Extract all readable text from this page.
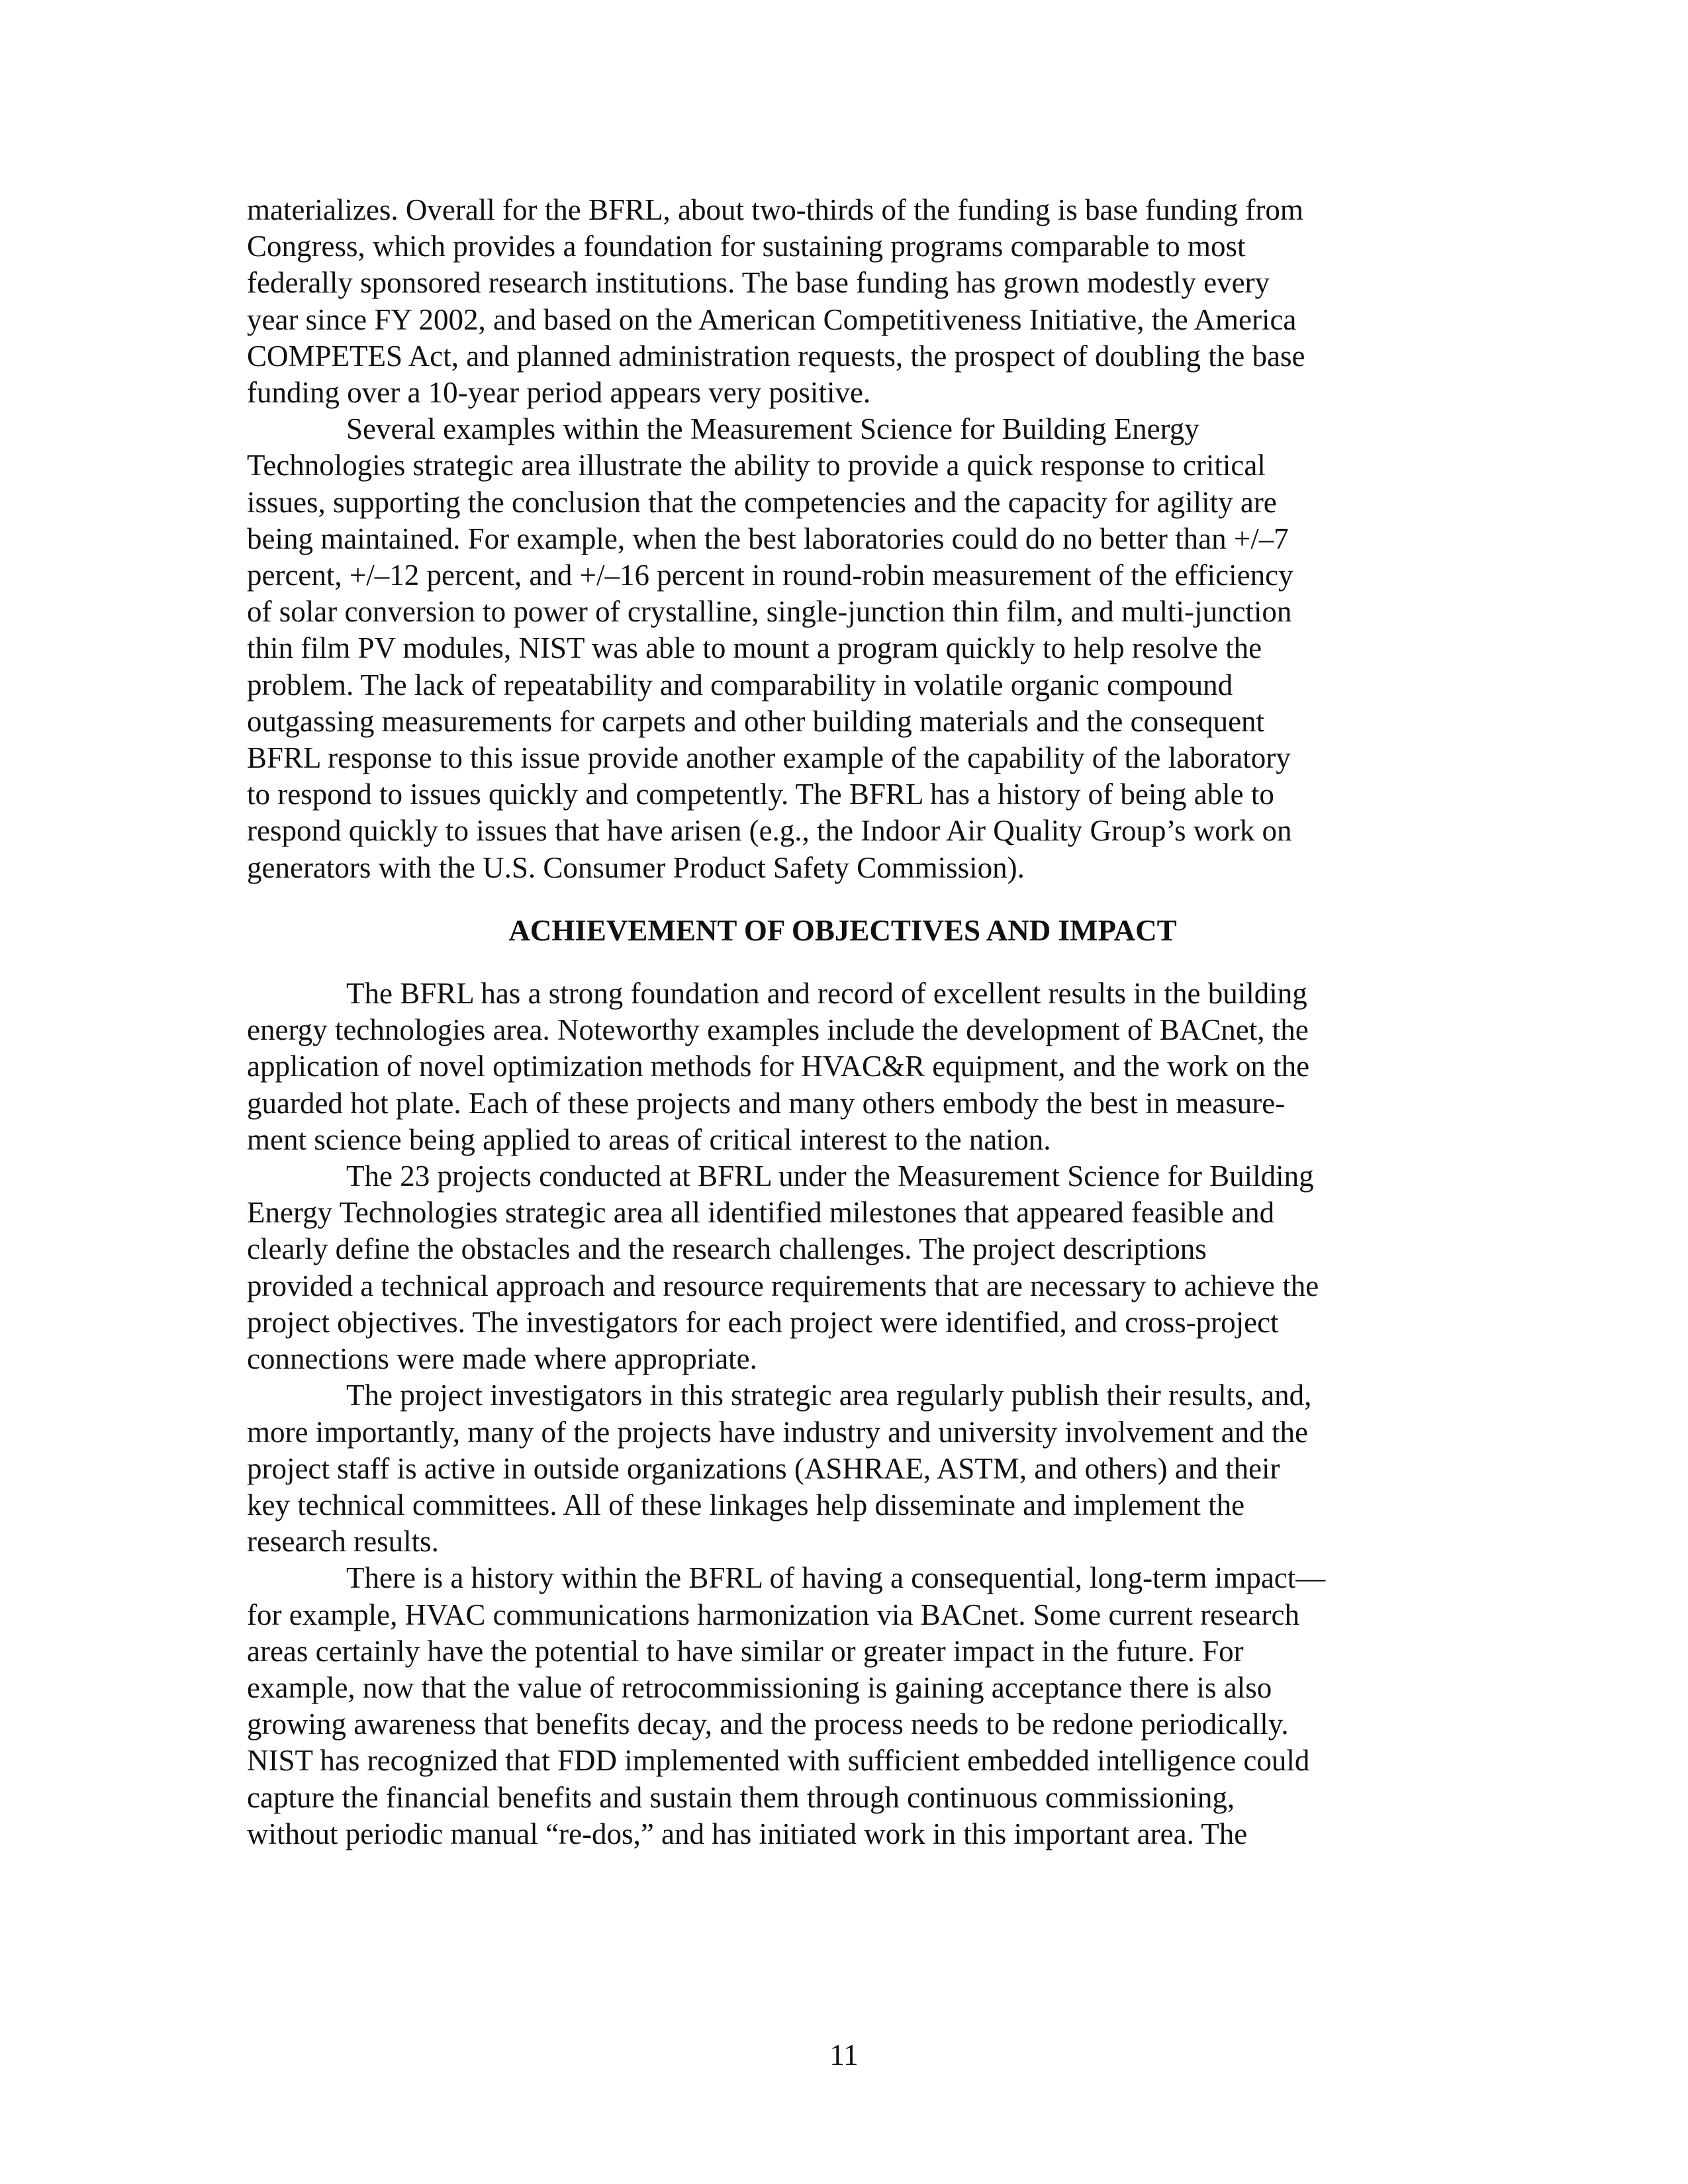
materializes. Overall for the BFRL, about two-thirds of the funding is base funding from
Congress, which provides a foundation for sustaining programs comparable to most
federally sponsored research institutions. The base funding has grown modestly every
year since FY 2002, and based on the American Competitiveness Initiative, the America
COMPETES Act, and planned administration requests, the prospect of doubling the base
funding over a 10-year period appears very positive.

Several examples within the Measurement Science for Building Energy
Technologies strategic area illustrate the ability to provide a quick response to critical
issues, supporting the conclusion that the competencies and the capacity for agility are
being maintained. For example, when the best laboratories could do no better than +/–7
percent, +/–12 percent, and +/–16 percent in round-robin measurement of the efficiency
of solar conversion to power of crystalline, single-junction thin film, and multi-junction
thin film PV modules, NIST was able to mount a program quickly to help resolve the
problem. The lack of repeatability and comparability in volatile organic compound
outgassing measurements for carpets and other building materials and the consequent
BFRL response to this issue provide another example of the capability of the laboratory
to respond to issues quickly and competently. The BFRL has a history of being able to
respond quickly to issues that have arisen (e.g., the Indoor Air Quality Group’s work on
generators with the U.S. Consumer Product Safety Commission).

ACHIEVEMENT OF OBJECTIVES AND IMPACT

The BFRL has a strong foundation and record of excellent results in the building
energy technologies area. Noteworthy examples include the development of BACnet, the
application of novel optimization methods for HVAC&R equipment, and the work on the
guarded hot plate. Each of these projects and many others embody the best in measure-
ment science being applied to areas of critical interest to the nation.

The 23 projects conducted at BFRL under the Measurement Science for Building
Energy Technologies strategic area all identified milestones that appeared feasible and
clearly define the obstacles and the research challenges. The project descriptions
provided a technical approach and resource requirements that are necessary to achieve the
project objectives. The investigators for each project were identified, and cross-project
connections were made where appropriate.

The project investigators in this strategic area regularly publish their results, and,
more importantly, many of the projects have industry and university involvement and the
project staff is active in outside organizations (ASHRAE, ASTM, and others) and their
key technical committees. All of these linkages help disseminate and implement the
research results.

There is a history within the BFRL of having a consequential, long-term impact—
for example, HVAC communications harmonization via BACnet. Some current research
areas certainly have the potential to have similar or greater impact in the future. For
example, now that the value of retrocommissioning is gaining acceptance there is also
growing awareness that benefits decay, and the process needs to be redone periodically.
NIST has recognized that FDD implemented with sufficient embedded intelligence could
capture the financial benefits and sustain them through continuous commissioning,
without periodic manual “re-dos,” and has initiated work in this important area. The

11
